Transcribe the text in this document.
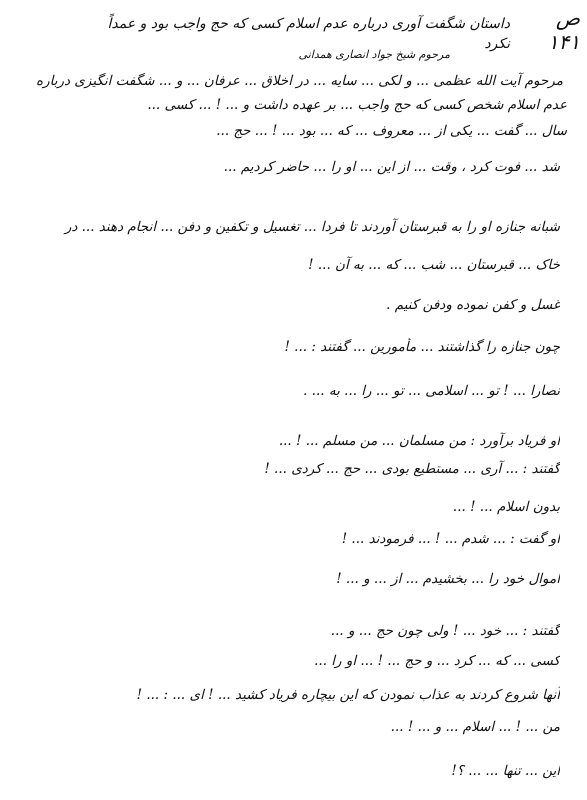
ص ۱۴۱
داستان شگفت آوری درباره عدم اسلام کسی که حج واجب بود و عمداً نکرد
مرحوم شیخ جواد انصاری همدانی
مرحوم آیت الله عظمی ... و لکی ... سایه ... در اخلاق ... عرفان ... و ... شگفت انگیزی درباره
عدم اسلام شخص کسی که حج واجب ... بر عهده داشت و ... ! ... کسی ...
سال ... گفت ... یکی از ... معروف ... که ... بود ... ! ... حج ...
شد ... فوت کرد ، وقت ... از این ... او را ... حاضر کردیم ...
شبانه جنازه او را به قبرستان آوردند تا فردا ... تغسیل و تکفین و دفن ... انجام دهند ... در
خاک ... قبرستان ... شب ... که ... به آن ... !
غسل و کفن نموده ودفن کنیم .
چون جنازه را گذاشتند ... مأمورین ... گفتند : ... !
نصارا ... ! تو ... اسلامی ... تو ... را ... به ... .
او فریاد برآورد : من مسلمان ... من مسلم ... ! ...
گفتند : ... آری ... مستطیع بودی ... حج ... کردی ... !
بدون اسلام ... ! ...
او گفت : ... شدم ... ! ... فرمودند ... !
اموال خود را ... بخشیدم ... از ... و ... !
گفتند : ... خود ... ! ولی چون حج ... و ...
کسی ... که ... کرد ... و حج ... ! ... او را ...
آنها شروع کردند به عذاب نمودن که این بیچاره فریاد کشید ... ! ای ... : ... !
من ... ! ... اسلام ... و ... ! ...
این ... تنها ... ... ؟!
